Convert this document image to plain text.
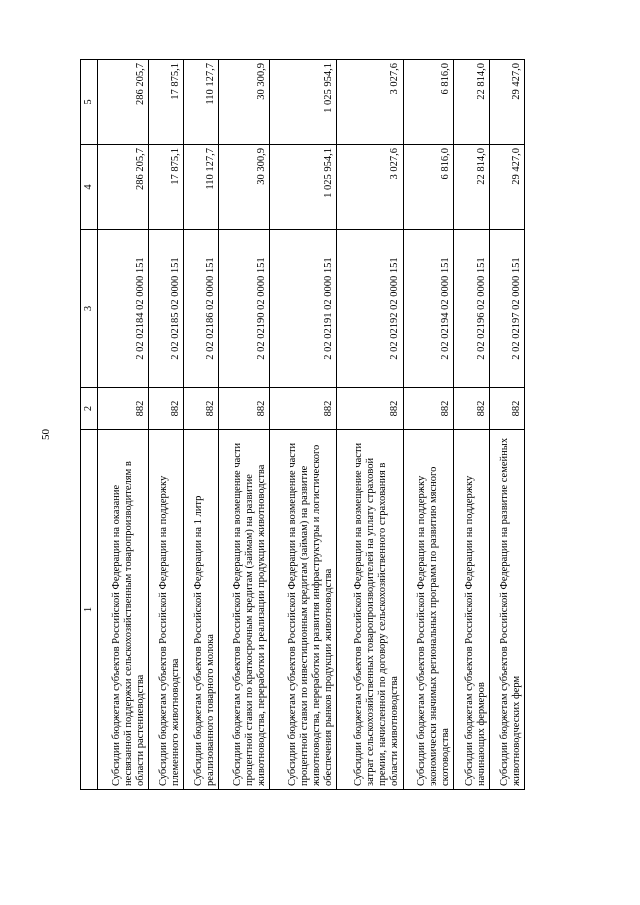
50
1	2	3	4	5
Субсидии бюджетам субъектов Российской Федерации на оказание несвязанной поддержки сельскохозяйственным товаропроизводителям в области растениеводства	882	2 02 02184 02 0000 151	286 205,7	286 205,7
Субсидии бюджетам субъектов Российской Федерации на поддержку племенного животноводства	882	2 02 02185 02 0000 151	17 875,1	17 875,1
Субсидии бюджетам субъектов Российской Федерации на 1 литр реализованного товарного молока	882	2 02 02186 02 0000 151	110 127,7	110 127,7
Субсидии бюджетам субъектов Российской Федерации на возмещение части процентной ставки по краткосрочным кредитам (займам) на развитие животноводства, переработки и реализации продукции животноводства	882	2 02 02190 02 0000 151	30 300,9	30 300,9
Субсидии бюджетам субъектов Российской Федерации на возмещение части процентной ставки по инвестиционным кредитам (займам) на развитие животноводства, переработки и развития инфраструктуры и логистического обеспечения рынков продукции животноводства	882	2 02 02191 02 0000 151	1 025 954,1	1 025 954,1
Субсидии бюджетам субъектов Российской Федерации на возмещение части затрат сельскохозяйственных товаропроизводителей на уплату страховой премии, начисленной по договору сельскохозяйственного страхования в области животноводства	882	2 02 02192 02 0000 151	3 027,6	3 027,6
Субсидии бюджетам субъектов Российской Федерации на поддержку экономически значимых региональных программ по развитию мясного скотоводства	882	2 02 02194 02 0000 151	6 816,0	6 816,0
Субсидии бюджетам субъектов Российской Федерации на поддержку начинающих фермеров	882	2 02 02196 02 0000 151	22 814,0	22 814,0
Субсидии бюджетам субъектов Российской Федерации на развитие семейных животноводческих ферм	882	2 02 02197 02 0000 151	29 427,0	29 427,0
